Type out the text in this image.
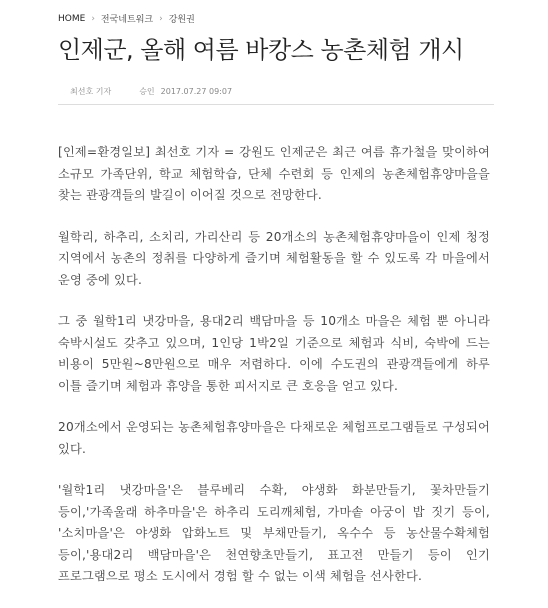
HOME › 전국네트워크 › 강원권
인제군, 올해 여름 바캉스 농촌체험 개시
최선호 기자	승인 2017.07.27 09:07

[인제=환경일보] 최선호 기자 = 강원도 인제군은 최근 여름 휴가철을 맞이하여 소규모 가족단위, 학교 체험학습, 단체 수련회 등 인제의 농촌체험휴양마을을 찾는 관광객들의 발길이 이어질 것으로 전망한다.

월학리, 하추리, 소치리, 가리산리 등 20개소의 농촌체험휴양마을이 인제 청정 지역에서 농촌의 정취를 다양하게 즐기며 체험활동을 할 수 있도록 각 마을에서 운영 중에 있다.

그 중 월학1리 냇강마을, 용대2리 백담마을 등 10개소 마을은 체험 뿐 아니라 숙박시설도 갖추고 있으며, 1인당 1박2일 기준으로 체험과 식비, 숙박에 드는 비용이 5만원~8만원으로 매우 저렴하다. 이에 수도권의 관광객들에게 하루 이틀 즐기며 체험과 휴양을 통한 피서지로 큰 호응을 얻고 있다.

20개소에서 운영되는 농촌체험휴양마을은 다채로운 체험프로그램들로 구성되어 있다.

'월학1리 냇강마을'은 블루베리 수확, 야생화 화분만들기, 꽃차만들기 등이,'가족울래 하추마을'은 하추리 도리깨체험, 가마솥 아궁이 밥 짓기 등이, '소치마을'은 야생화 압화노트 및 부채만들기, 옥수수 등 농산물수확체험 등이,'용대2리 백담마을'은 천연향초만들기, 표고전 만들기 등이 인기 프로그램으로 평소 도시에서 경험 할 수 없는 이색 체험을 선사한다.
